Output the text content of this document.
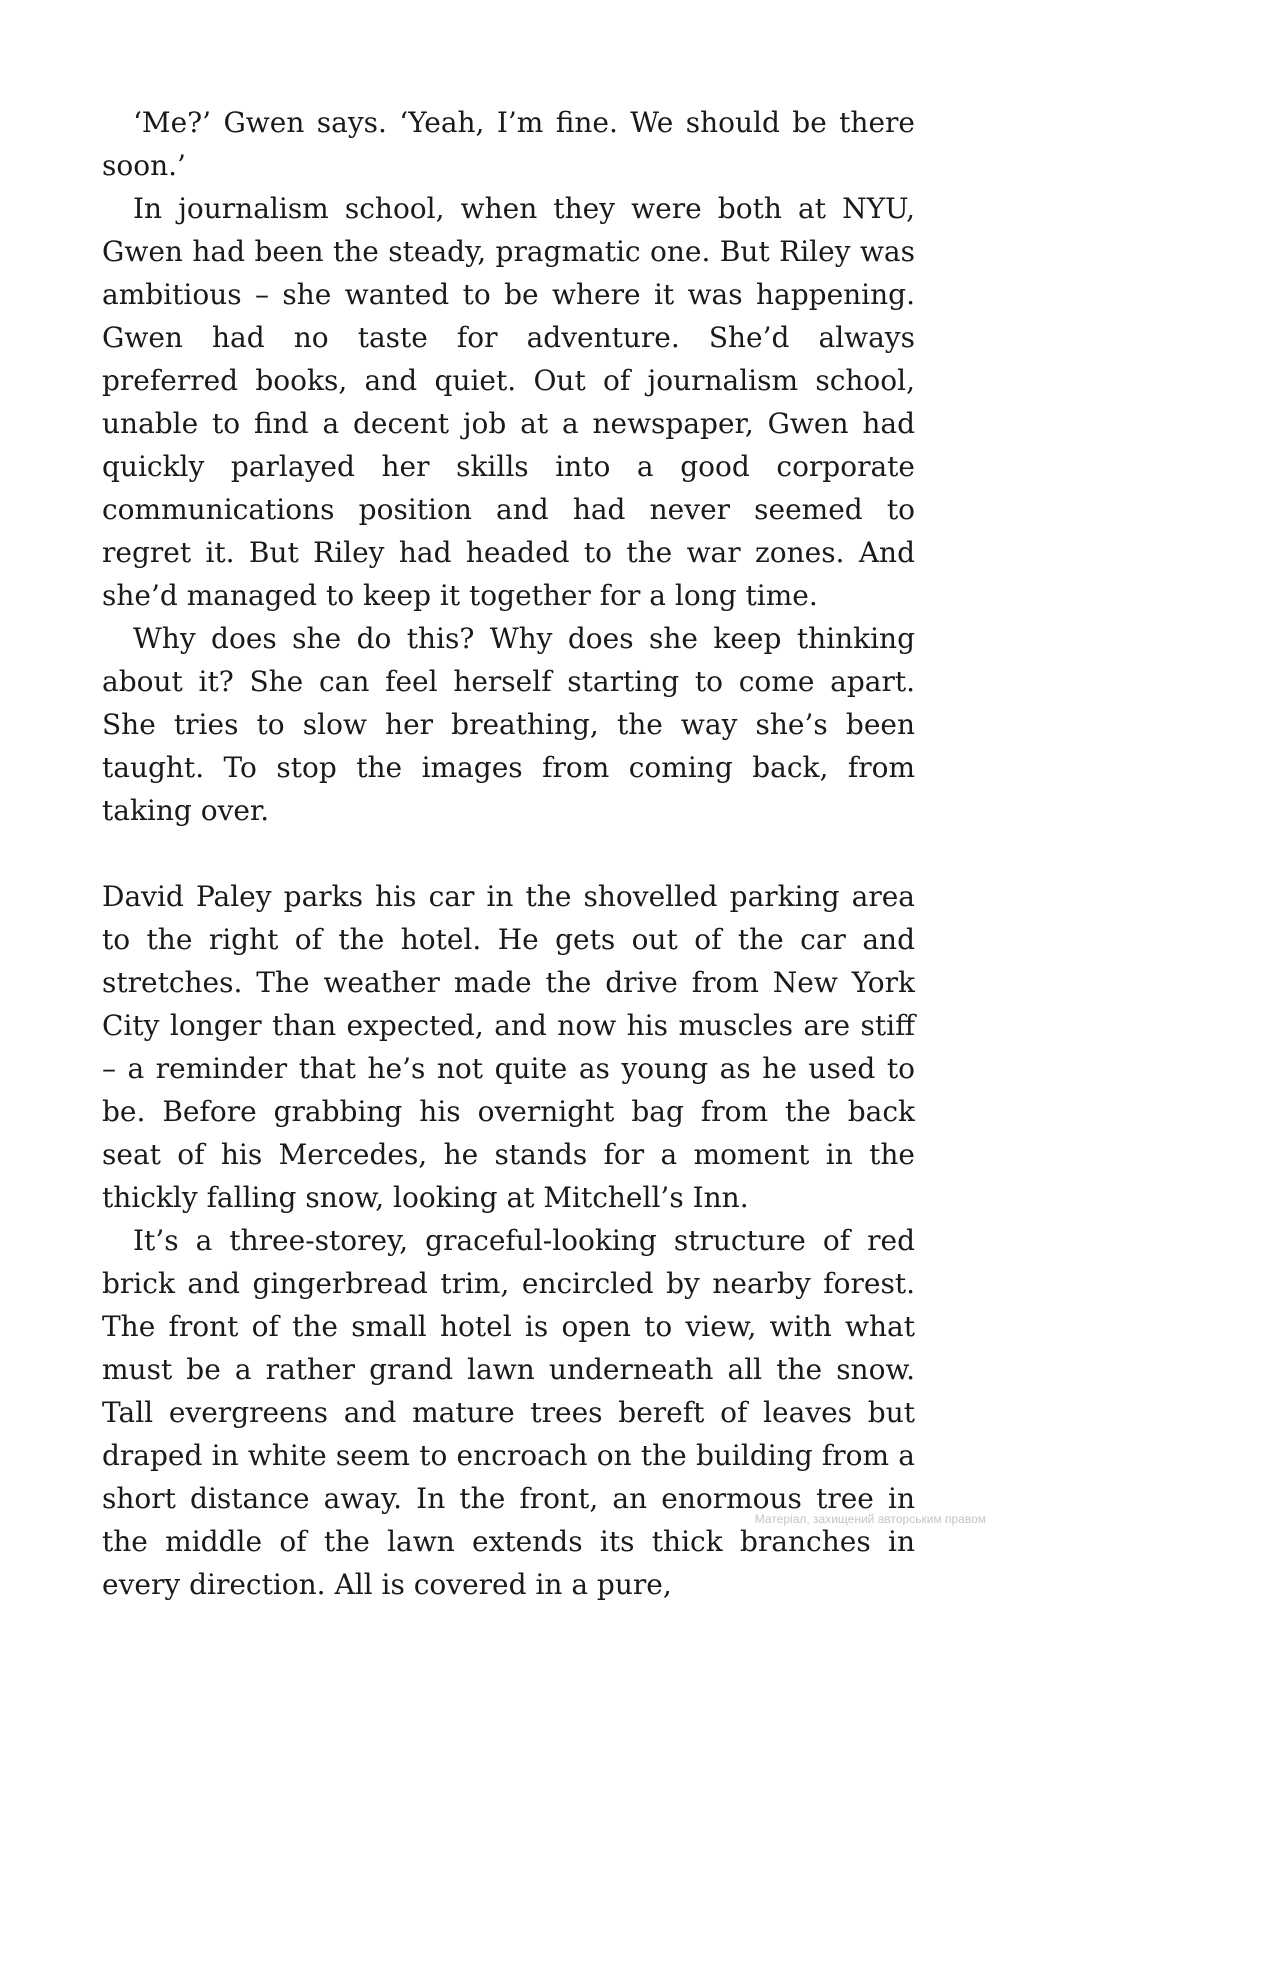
‘Me?’ Gwen says. ‘Yeah, I’m fine. We should be there soon.’

In journalism school, when they were both at NYU, Gwen had been the steady, pragmatic one. But Riley was ambitious – she wanted to be where it was happening. Gwen had no taste for adventure. She’d always preferred books, and quiet. Out of journalism school, unable to find a decent job at a newspaper, Gwen had quickly parlayed her skills into a good corporate communications position and had never seemed to regret it. But Riley had headed to the war zones. And she’d managed to keep it together for a long time.

Why does she do this? Why does she keep thinking about it? She can feel herself starting to come apart. She tries to slow her breathing, the way she’s been taught. To stop the images from coming back, from taking over.

David Paley parks his car in the shovelled parking area to the right of the hotel. He gets out of the car and stretches. The weather made the drive from New York City longer than expected, and now his muscles are stiff – a reminder that he’s not quite as young as he used to be. Before grabbing his overnight bag from the back seat of his Mercedes, he stands for a moment in the thickly falling snow, looking at Mitchell’s Inn.

It’s a three-storey, graceful-looking structure of red brick and gingerbread trim, encircled by nearby forest. The front of the small hotel is open to view, with what must be a rather grand lawn underneath all the snow. Tall evergreens and mature trees bereft of leaves but draped in white seem to encroach on the building from a short distance away. In the front, an enormous tree in the middle of the lawn extends its thick branches in every direction. All is covered in a pure,

Матеріал, захищений авторським правом
